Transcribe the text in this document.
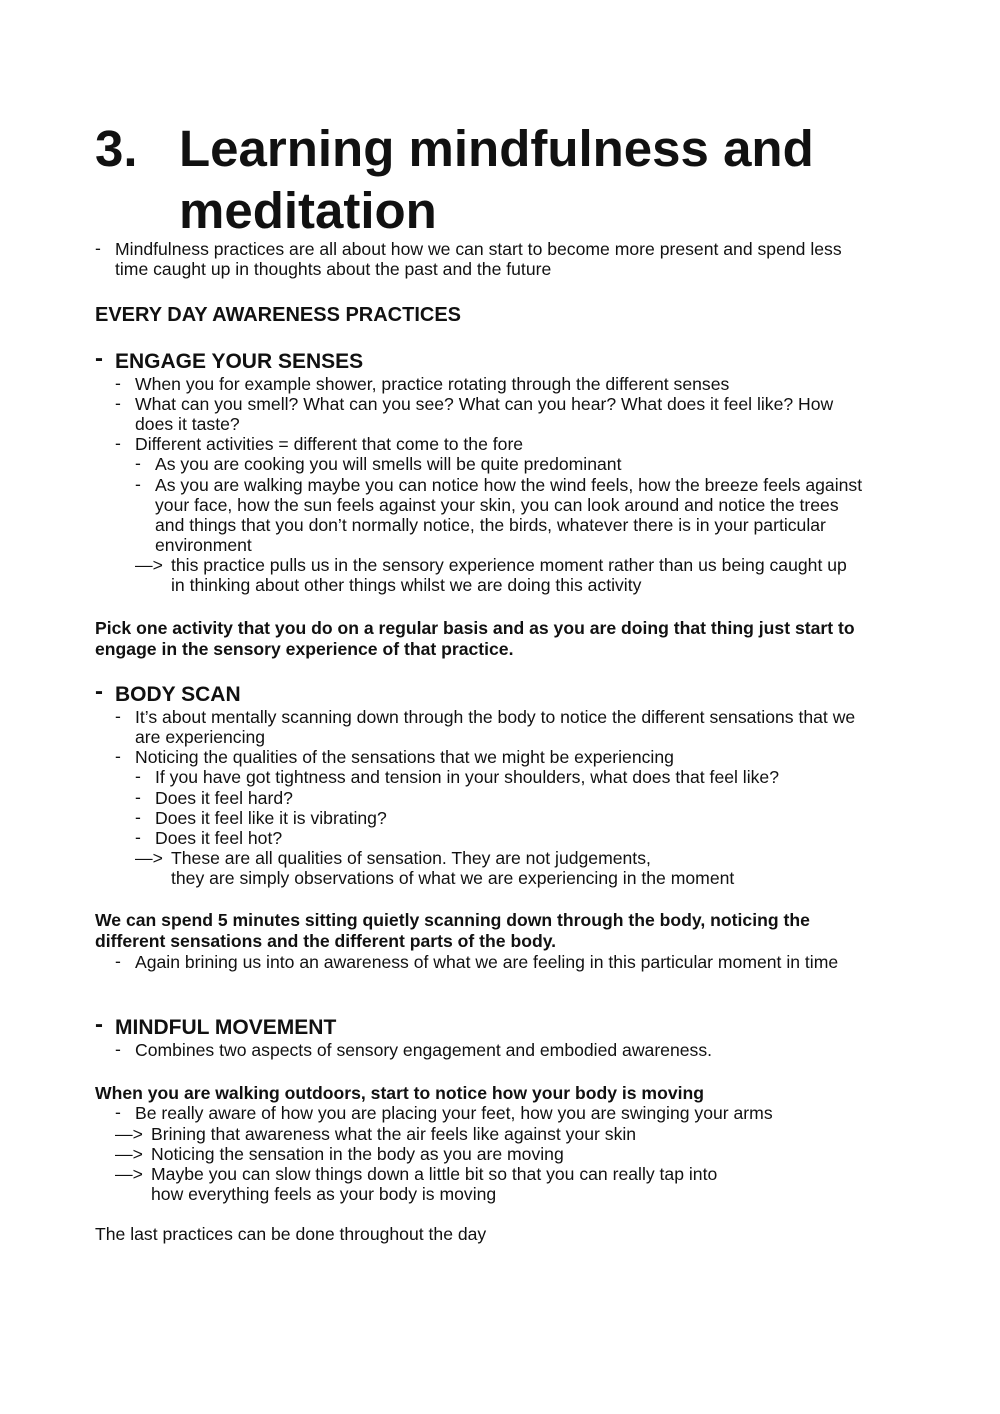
3. Learning mindfulness and meditation
- Mindfulness practices are all about how we can start to become more present and spend less
time caught up in thoughts about the past and the future
EVERY DAY AWARENESS PRACTICES
- ENGAGE YOUR SENSES
- When you for example shower, practice rotating through the different senses
- What can you smell? What can you see? What can you hear? What does it feel like? How
does it taste?
- Different activities = different that come to the fore
- As you are cooking you will smells will be quite predominant
- As you are walking maybe you can notice how the wind feels, how the breeze feels against
your face, how the sun feels against your skin, you can look around and notice the trees
and things that you don’t normally notice, the birds, whatever there is in your particular
environment
—> this practice pulls us in the sensory experience moment rather than us being caught up
in thinking about other things whilst we are doing this activity
Pick one activity that you do on a regular basis and as you are doing that thing just start to
engage in the sensory experience of that practice.
- BODY SCAN
- It’s about mentally scanning down through the body to notice the different sensations that we
are experiencing
- Noticing the qualities of the sensations that we might be experiencing
- If you have got tightness and tension in your shoulders, what does that feel like?
- Does it feel hard?
- Does it feel like it is vibrating?
- Does it feel hot?
—> These are all qualities of sensation. They are not judgements,
they are simply observations of what we are experiencing in the moment
We can spend 5 minutes sitting quietly scanning down through the body, noticing the
different sensations and the different parts of the body.
- Again brining us into an awareness of what we are feeling in this particular moment in time
- MINDFUL MOVEMENT
- Combines two aspects of sensory engagement and embodied awareness.
When you are walking outdoors, start to notice how your body is moving
- Be really aware of how you are placing your feet, how you are swinging your arms
—> Brining that awareness what the air feels like against your skin
—> Noticing the sensation in the body as you are moving
—> Maybe you can slow things down a little bit so that you can really tap into
how everything feels as your body is moving
The last practices can be done throughout the day
